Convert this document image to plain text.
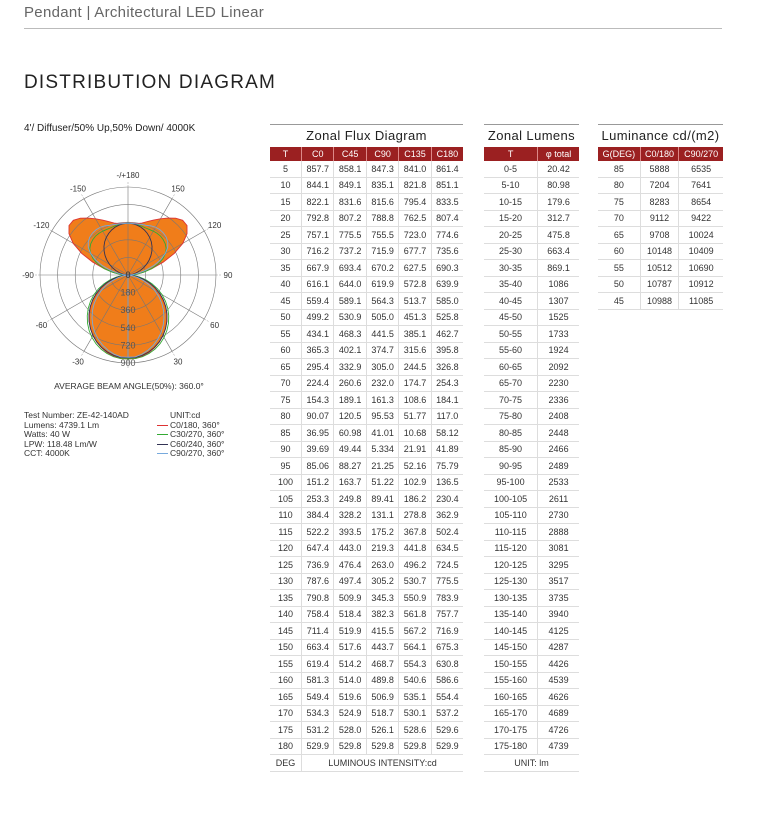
Pendant | Architectural LED Linear
DISTRIBUTION DIAGRAM
4'/ Diffuser/50% Up,50% Down/ 4000K
-/+180
-150	150
-120	120
-90	90
-60	60
-30	30
180
360
540
720
900
0
AVERAGE BEAM ANGLE(50%): 360.0°
Test Number: ZE-42-140AD
Lumens: 4739.1 Lm
Watts: 40 W
LPW: 118.48 Lm/W
CCT: 4000K
UNIT:cd
C0/180, 360°
C30/270, 360°
C60/240, 360°
C90/270, 360°
Zonal Flux Diagram
T	C0	C45	C90	C135	C180
5	857.7	858.1	847.3	841.0	861.4
10	844.1	849.1	835.1	821.8	851.1
15	822.1	831.6	815.6	795.4	833.5
20	792.8	807.2	788.8	762.5	807.4
25	757.1	775.5	755.5	723.0	774.6
30	716.2	737.2	715.9	677.7	735.6
35	667.9	693.4	670.2	627.5	690.3
40	616.1	644.0	619.9	572.8	639.9
45	559.4	589.1	564.3	513.7	585.0
50	499.2	530.9	505.0	451.3	525.8
55	434.1	468.3	441.5	385.1	462.7
60	365.3	402.1	374.7	315.6	395.8
65	295.4	332.9	305.0	244.5	326.8
70	224.4	260.6	232.0	174.7	254.3
75	154.3	189.1	161.3	108.6	184.1
80	90.07	120.5	95.53	51.77	117.0
85	36.95	60.98	41.01	10.68	58.12
90	39.69	49.44	5.334	21.91	41.89
95	85.06	88.27	21.25	52.16	75.79
100	151.2	163.7	51.22	102.9	136.5
105	253.3	249.8	89.41	186.2	230.4
110	384.4	328.2	131.1	278.8	362.9
115	522.2	393.5	175.2	367.8	502.4
120	647.4	443.0	219.3	441.8	634.5
125	736.9	476.4	263.0	496.2	724.5
130	787.6	497.4	305.2	530.7	775.5
135	790.8	509.9	345.3	550.9	783.9
140	758.4	518.4	382.3	561.8	757.7
145	711.4	519.9	415.5	567.2	716.9
150	663.4	517.6	443.7	564.1	675.3
155	619.4	514.2	468.7	554.3	630.8
160	581.3	514.0	489.8	540.6	586.6
165	549.4	519.6	506.9	535.1	554.4
170	534.3	524.9	518.7	530.1	537.2
175	531.2	528.0	526.1	528.6	529.6
180	529.9	529.8	529.8	529.8	529.9
DEG	LUMINOUS INTENSITY:cd				
Zonal Lumens
T	φ total
0-5	20.42
5-10	80.98
10-15	179.6
15-20	312.7
20-25	475.8
25-30	663.4
30-35	869.1
35-40	1086
40-45	1307
45-50	1525
50-55	1733
55-60	1924
60-65	2092
65-70	2230
70-75	2336
75-80	2408
80-85	2448
85-90	2466
90-95	2489
95-100	2533
100-105	2611
105-110	2730
110-115	2888
115-120	3081
120-125	3295
125-130	3517
130-135	3735
135-140	3940
140-145	4125
145-150	4287
150-155	4426
155-160	4539
160-165	4626
165-170	4689
170-175	4726
175-180	4739
UNIT: lm	
Luminance cd/(m2)
G(DEG)	C0/180	C90/270
85	5888	6535
80	7204	7641
75	8283	8654
70	9112	9422
65	9708	10024
60	10148	10409
55	10512	10690
50	10787	10912
45	10988	11085
